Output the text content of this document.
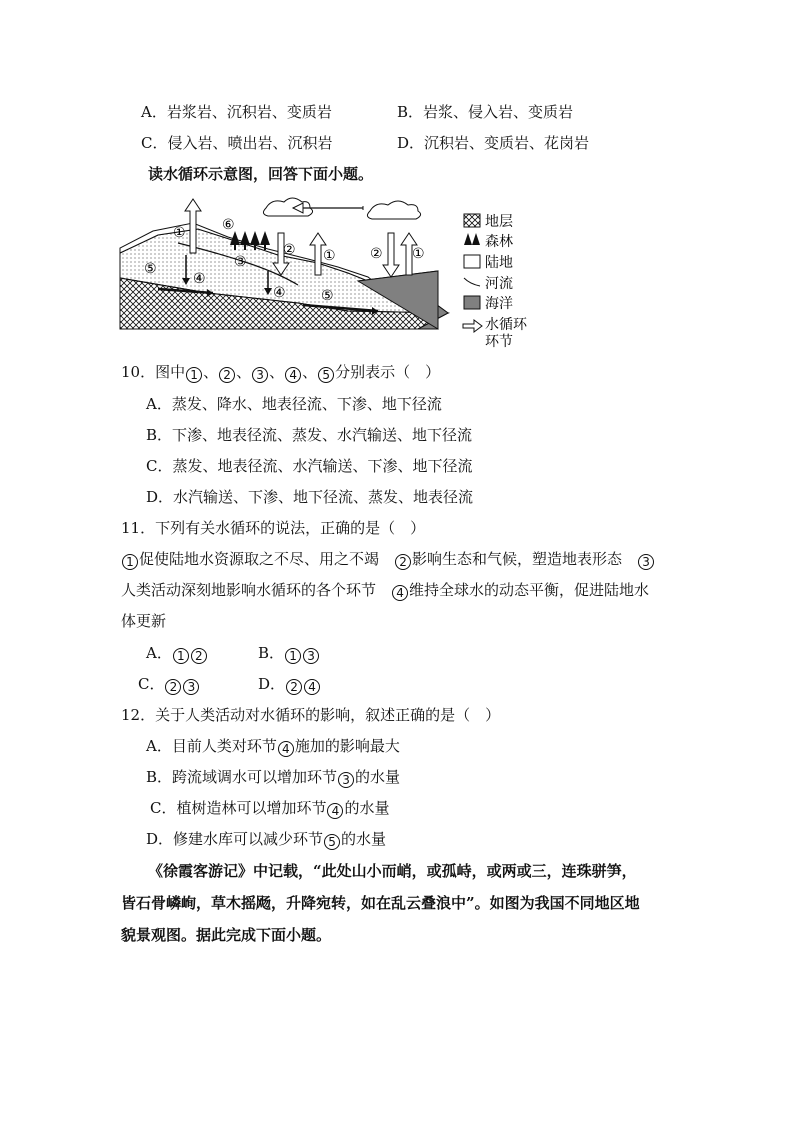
A．岩浆岩、沉积岩、变质岩	B．岩浆、侵入岩、变质岩
C．侵入岩、喷出岩、沉积岩	D．沉积岩、变质岩、花岗岩
读水循环示意图，回答下面小题。
①	⑥
②
③	① ② ①
⑤
④
④	⑤
地层
森林
陆地
河流
海洋
水循环
环节
10．图中 1 、 2 、 3 、 4 、 5 分别表示（　）
A．蒸发、降水、地表径流、下渗、地下径流
B．下渗、地表径流、蒸发、水汽输送、地下径流
C．蒸发、地表径流、水汽输送、下渗、地下径流
D．水汽输送、下渗、地下径流、蒸发、地表径流
11．下列有关水循环的说法，正确的是（　）
1 促使陆地水资源取之不尽、用之不竭  2 影响生态和气候，塑造地表形态  3
人类活动深刻地影响水循环的各个环节  4 维持全球水的动态平衡，促进陆地水
体更新
A． 1 2	B． 1 3
C． 2 3	D． 2 4
12．关于人类活动对水循环的影响，叙述正确的是（　）
A．目前人类对环节 4 施加的影响最大
B．跨流域调水可以增加环节 3 的水量
C．植树造林可以增加环节 4 的水量
D．修建水库可以减少环节 5 的水量
《徐霞客游记》中记载，“此处山小而峭，或孤峙，或两或三，连珠骈笋，
皆石骨嶙峋，草木摇飏，升降宛转，如在乱云叠浪中”。如图为我国不同地区地
貌景观图。据此完成下面小题。
